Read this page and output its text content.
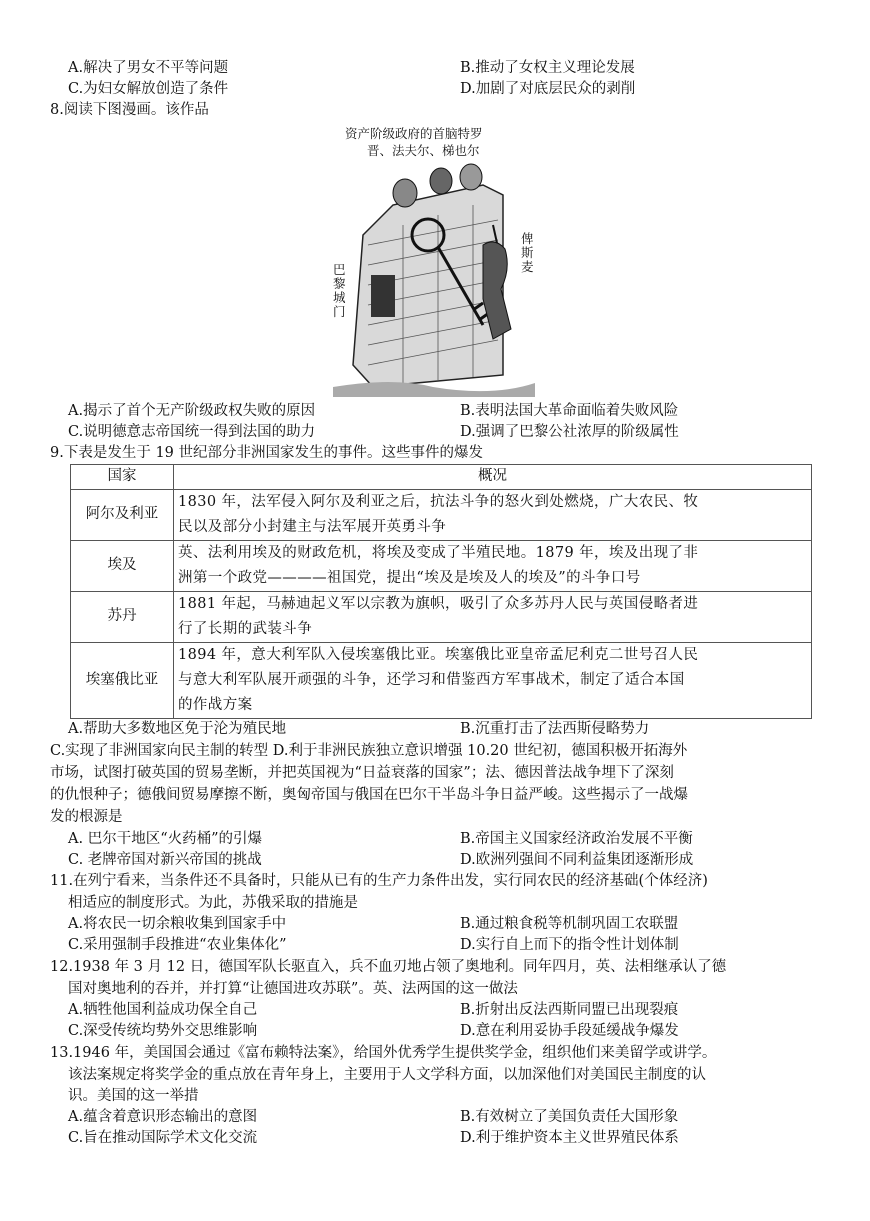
A.解决了男女不平等问题	B.推动了女权主义理论发展
C.为妇女解放创造了条件	D.加剧了对底层民众的剥削
8.阅读下图漫画。该作品
资产阶级政府的首脑特罗
晋、法夫尔、梯也尔
巴黎城门
俾斯麦
A.揭示了首个无产阶级政权失败的原因	B.表明法国大革命面临着失败风险
C.说明德意志帝国统一得到法国的助力	D.强调了巴黎公社浓厚的阶级属性
9.下表是发生于 19 世纪部分非洲国家发生的事件。这些事件的爆发
国家	概况
阿尔及利亚	1830 年，法军侵入阿尔及利亚之后，抗法斗争的怒火到处燃烧，广大农民、牧
民以及部分小封建主与法军展开英勇斗争

埃及	英、法利用埃及的财政危机，将埃及变成了半殖民地。1879 年，埃及出现了非
洲第一个政党————祖国党，提出“埃及是埃及人的埃及”的斗争口号

苏丹	1881 年起，马赫迪起义军以宗教为旗帜，吸引了众多苏丹人民与英国侵略者进
行了长期的武装斗争

埃塞俄比亚	1894 年，意大利军队入侵埃塞俄比亚。埃塞俄比亚皇帝孟尼利克二世号召人民
与意大利军队展开顽强的斗争，还学习和借鉴西方军事战术，制定了适合本国
的作战方案
A.帮助大多数地区免于沦为殖民地	B.沉重打击了法西斯侵略势力
C.实现了非洲国家向民主制的转型 D.利于非洲民族独立意识增强 10.20 世纪初，德国积极开拓海外
市场，试图打破英国的贸易垄断，并把英国视为“日益衰落的国家”；法、德因普法战争埋下了深刻
的仇恨种子；德俄间贸易摩擦不断，奥匈帝国与俄国在巴尔干半岛斗争日益严峻。这些揭示了一战爆
发的根源是
A. 巴尔干地区“火药桶”的引爆	B.帝国主义国家经济政治发展不平衡
C. 老牌帝国对新兴帝国的挑战	D.欧洲列强间不同利益集团逐渐形成
11.在列宁看来，当条件还不具备时，只能从已有的生产力条件出发，实行同农民的经济基础(个体经济)
相适应的制度形式。为此，苏俄采取的措施是
A.将农民一切余粮收集到国家手中	B.通过粮食税等机制巩固工农联盟
C.采用强制手段推进“农业集体化”	D.实行自上而下的指令性计划体制
12.1938 年 3 月 12 日，德国军队长驱直入，兵不血刃地占领了奥地利。同年四月，英、法相继承认了德
国对奥地利的吞并，并打算“让德国进攻苏联”。英、法两国的这一做法
A.牺牲他国利益成功保全自己	B.折射出反法西斯同盟已出现裂痕
C.深受传统均势外交思维影响	D.意在利用妥协手段延缓战争爆发
13.1946 年，美国国会通过《富布赖特法案》，给国外优秀学生提供奖学金，组织他们来美留学或讲学。
该法案规定将奖学金的重点放在青年身上，主要用于人文学科方面，以加深他们对美国民主制度的认
识。美国的这一举措
A.蕴含着意识形态输出的意图	B.有效树立了美国负责任大国形象
C.旨在推动国际学术文化交流	D.利于维护资本主义世界殖民体系
